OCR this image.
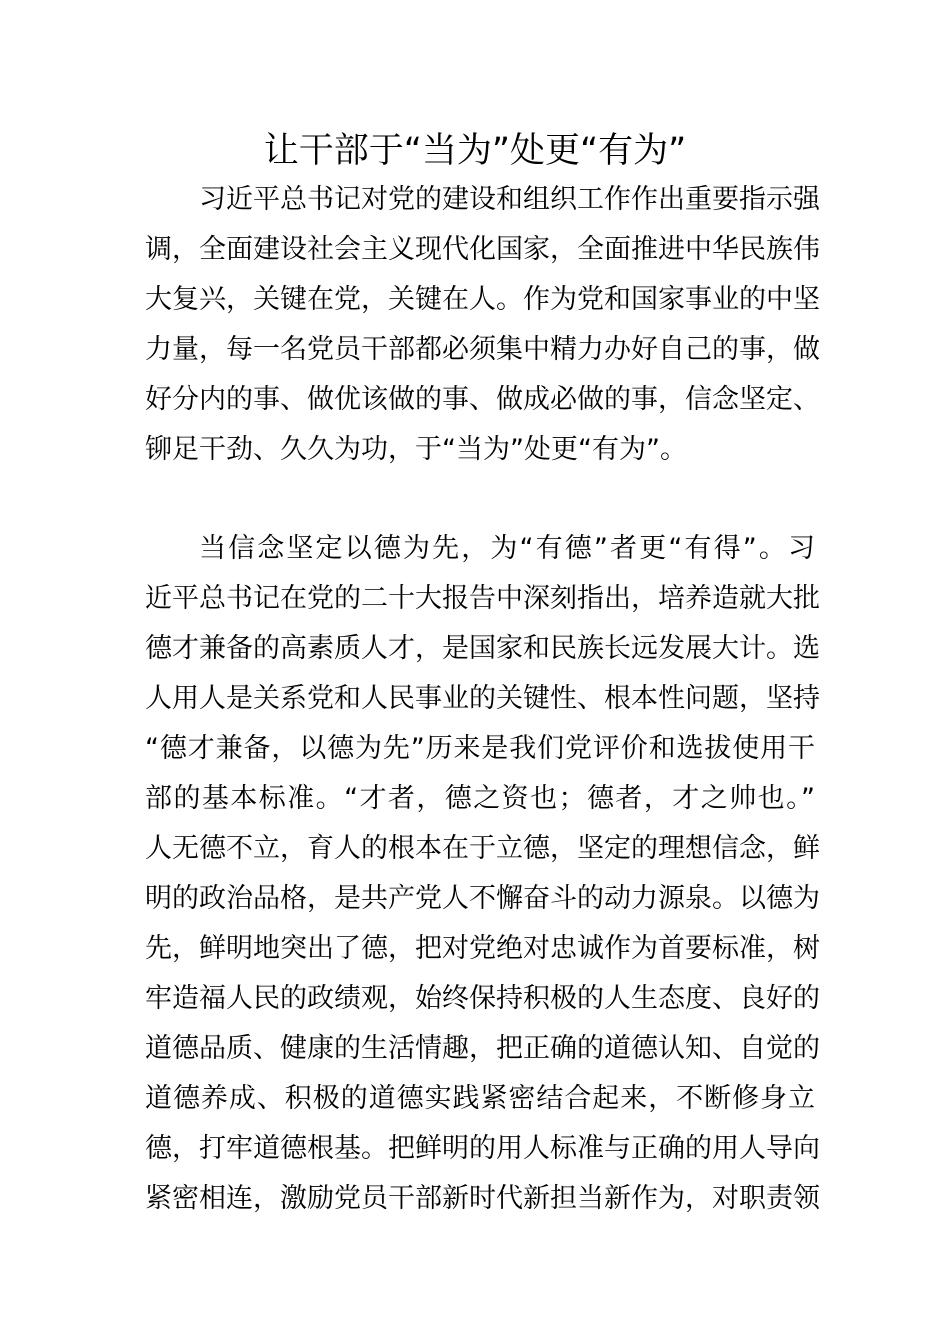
让干部于“当为”处更“有为”

习近平总书记对党的建设和组织工作作出重要指示强

调，全面建设社会主义现代化国家，全面推进中华民族伟

大复兴，关键在党，关键在人。作为党和国家事业的中坚

力量，每一名党员干部都必须集中精力办好自己的事，做

好分内的事、做优该做的事、做成必做的事，信念坚定、

铆足干劲、久久为功，于“当为”处更“有为”。

当信念坚定以德为先，为“有德”者更“有得”。习

近平总书记在党的二十大报告中深刻指出，培养造就大批

德才兼备的高素质人才，是国家和民族长远发展大计。选

人用人是关系党和人民事业的关键性、根本性问题，坚持

“德才兼备，以德为先”历来是我们党评价和选拔使用干

部的基本标准。“才者，德之资也；德者，才之帅也。”

人无德不立，育人的根本在于立德，坚定的理想信念，鲜

明的政治品格，是共产党人不懈奋斗的动力源泉。以德为

先，鲜明地突出了德，把对党绝对忠诚作为首要标准，树

牢造福人民的政绩观，始终保持积极的人生态度、良好的

道德品质、健康的生活情趣，把正确的道德认知、自觉的

道德养成、积极的道德实践紧密结合起来，不断修身立

德，打牢道德根基。把鲜明的用人标准与正确的用人导向

紧密相连，激励党员干部新时代新担当新作为，对职责领
